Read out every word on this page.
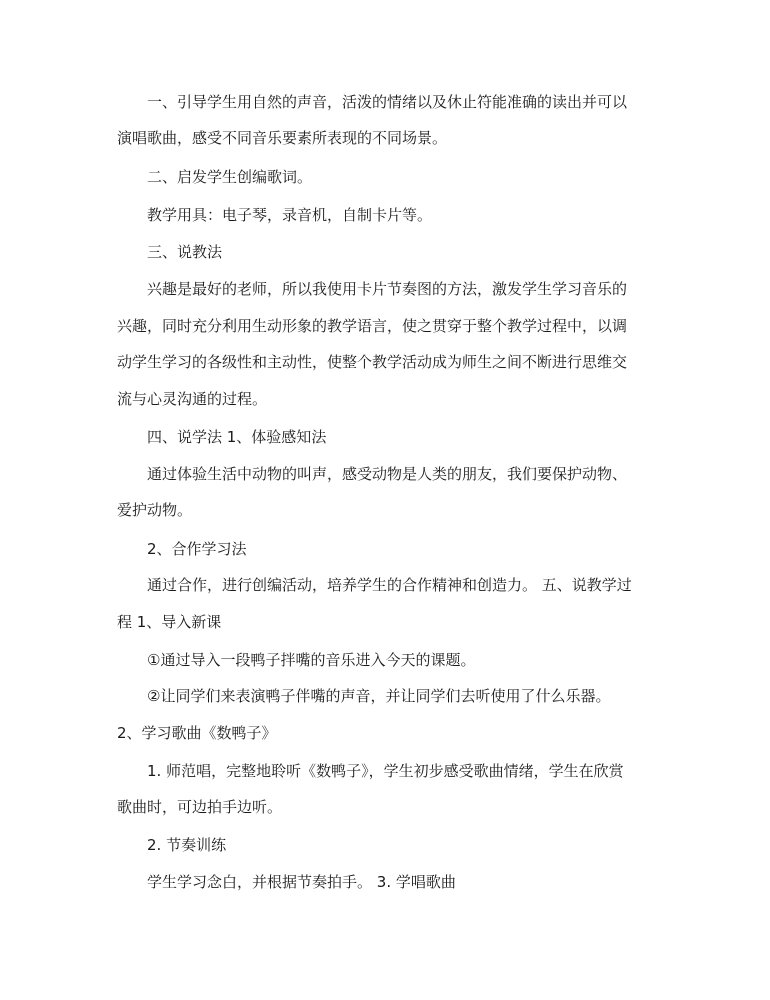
一、引导学生用自然的声音，活泼的情绪以及休止符能准确的读出并可以
演唱歌曲，感受不同音乐要素所表现的不同场景。
二、启发学生创编歌词。
教学用具：电子琴，录音机，自制卡片等。
三、说教法
兴趣是最好的老师，所以我使用卡片节奏图的方法，激发学生学习音乐的
兴趣，同时充分利用生动形象的教学语言，使之贯穿于整个教学过程中，以调
动学生学习的各级性和主动性，使整个教学活动成为师生之间不断进行思维交
流与心灵沟通的过程。
四、说学法 1、体验感知法
通过体验生活中动物的叫声，感受动物是人类的朋友，我们要保护动物、
爱护动物。
2、合作学习法
通过合作，进行创编活动，培养学生的合作精神和创造力。 五、说教学过
程 1、导入新课
①通过导入一段鸭子拌嘴的音乐进入今天的课题。
②让同学们来表演鸭子伴嘴的声音，并让同学们去听使用了什么乐器。
2、学习歌曲《数鸭子》
1. 师范唱，完整地聆听《数鸭子》，学生初步感受歌曲情绪，学生在欣赏
歌曲时，可边拍手边听。
2. 节奏训练
学生学习念白，并根据节奏拍手。 3. 学唱歌曲
